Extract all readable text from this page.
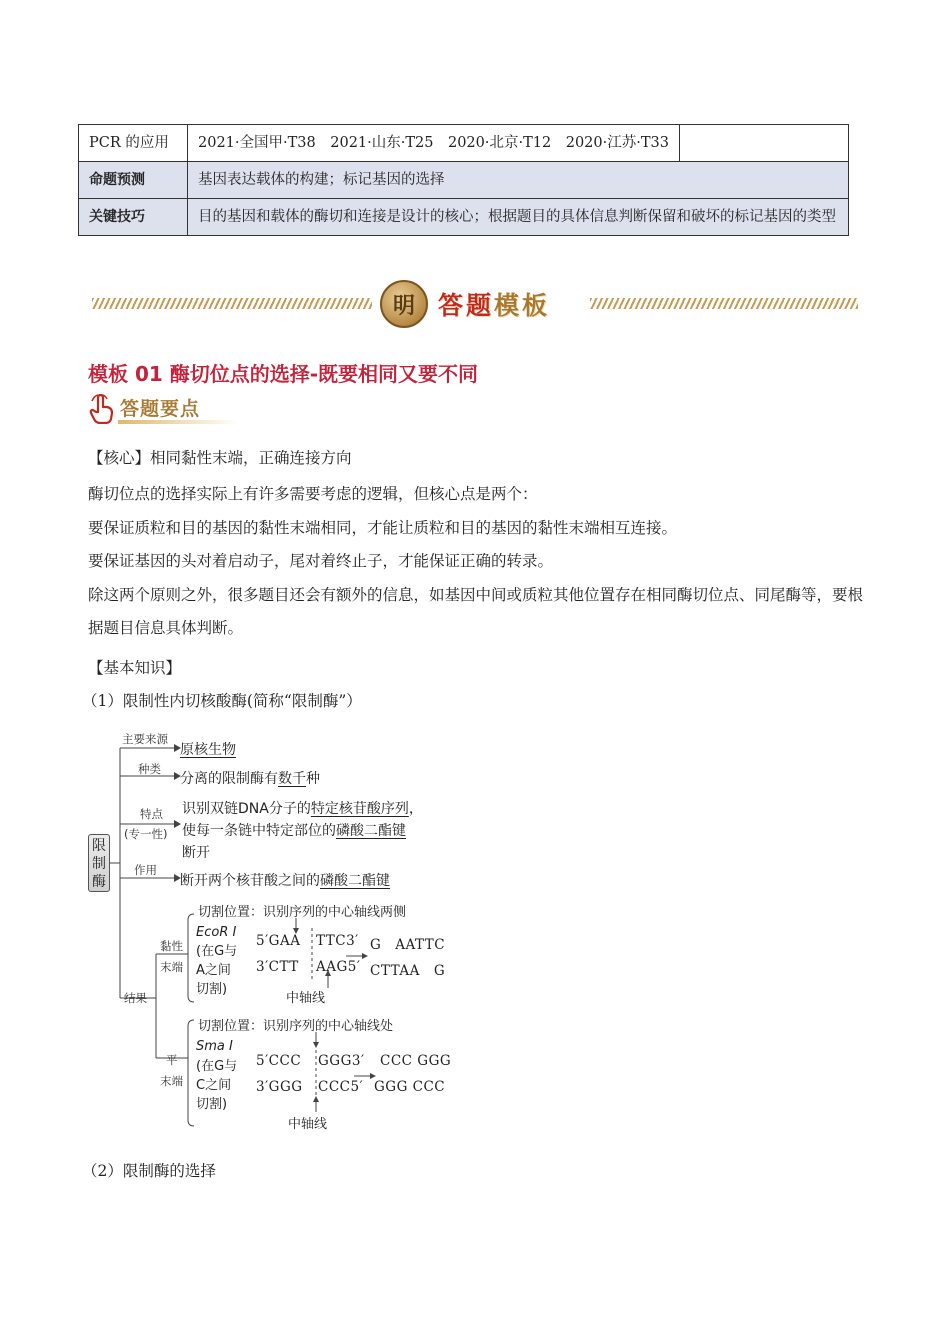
PCR 的应用	2021·全国甲·T38　2021·山东·T25　2020·北京·T12　2020·江苏·T33	
命题预测	基因表达载体的构建；标记基因的选择	
关键技巧	目的基因和载体的酶切和连接是设计的核心；根据题目的具体信息判断保留和破坏的标记基因的类型	
明 答题模板
模板 01 酶切位点的选择-既要相同又要不同
答题要点
【核心】相同黏性末端，正确连接方向
酶切位点的选择实际上有许多需要考虑的逻辑，但核心点是两个：
要保证质粒和目的基因的黏性末端相同，才能让质粒和目的基因的黏性末端相互连接。
要保证基因的头对着启动子，尾对着终止子，才能保证正确的转录。
除这两个原则之外，很多题目还会有额外的信息，如基因中间或质粒其他位置存在相同酶切位点、同尾酶等，要根据题目信息具体判断。
【基本知识】
（1）限制性内切核酸酶(简称“限制酶”）
限制酶
主要来源
原核生物
种类
分离的限制酶有数千种
特点
(专一性)
识别双链DNA分子的特定核苷酸序列，
使每一条链中特定部位的磷酸二酯键
断开
作用
断开两个核苷酸之间的磷酸二酯键
结果
黏性
末端
切割位置：识别序列的中心轴线两侧
EcoR Ⅰ
(在G与
A之间
切割)
5′GAA TTC3′
3′CTT AAG5′
G　AATTC
CTTAA　G
中轴线
平
末端
切割位置：识别序列的中心轴线处
Sma Ⅰ
(在G与
C之间
切割)
5′CCC GGG3′
3′GGG CCC5′
CCC GGG
GGG CCC
中轴线
（2）限制酶的选择
